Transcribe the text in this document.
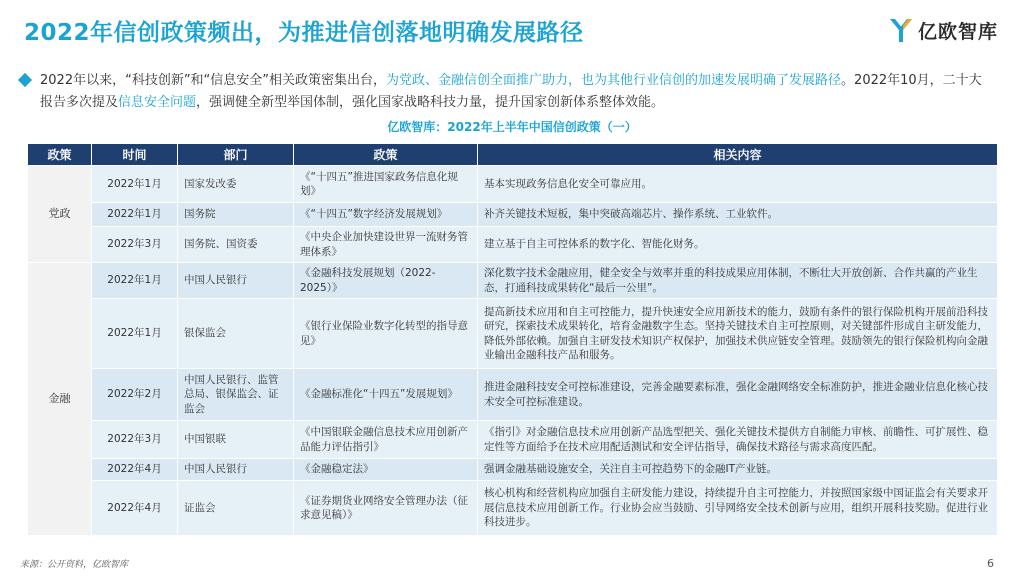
2022年信创政策频出，为推进信创落地明确发展路径	亿欧智库
2022年以来，“科技创新”和“信息安全”相关政策密集出台，为党政、金融信创全面推广助力，也为其他行业信创的加速发展明确了发展路径。2022年10月，二十大报告多次提及信息安全问题，强调健全新型举国体制，强化国家战略科技力量，提升国家创新体系整体效能。
亿欧智库：2022年上半年中国信创政策（一）
政策	时间	部门	政策	相关内容
党政	2022年1月	国家发改委	《“十四五”推进国家政务信息化规划》	基本实现政务信息化安全可靠应用。
	2022年1月	国务院	《“十四五”数字经济发展规划》	补齐关键技术短板，集中突破高端芯片、操作系统、工业软件。
	2022年3月	国务院、国资委	《中央企业加快建设世界一流财务管理体系》	建立基于自主可控体系的数字化、智能化财务。
金融	2022年1月	中国人民银行	《金融科技发展规划（2022-2025）》	深化数字技术金融应用，健全安全与效率并重的科技成果应用体制，不断壮大开放创新、合作共赢的产业生态，打通科技成果转化“最后一公里”。
	2022年1月	银保监会	《银行业保险业数字化转型的指导意见》	提高新技术应用和自主可控能力，提升快速安全应用新技术的能力，鼓励有条件的银行保险机构开展前沿科技研究，探索技术成果转化，培育金融数字生态。坚持关键技术自主可控原则，对关键部件形成自主研发能力，降低外部依赖。加强自主研发技术知识产权保护，加强技术供应链安全管理。鼓励领先的银行保险机构向金融业输出金融科技产品和服务。
	2022年2月	中国人民银行、监管总局、银保监会、证监会	《金融标准化“十四五”发展规划》	推进金融科技安全可控标准建设，完善金融要素标准，强化金融网络安全标准防护，推进金融业信息化核心技术安全可控标准建设。
	2022年3月	中国银联	《中国银联金融信息技术应用创新产品能力评估指引》	《指引》对金融信息技术应用创新产品选型把关、强化关键技术提供方自制能力审核、前瞻性、可扩展性、稳定性等方面给予在技术应用配适测试和安全评估指导，确保技术路径与需求高度匹配。
	2022年4月	中国人民银行	《金融稳定法》	强调金融基础设施安全，关注自主可控趋势下的金融IT产业链。
	2022年4月	证监会	《证券期货业网络安全管理办法（征求意见稿）》	核心机构和经营机构应加强自主研发能力建设，持续提升自主可控能力，并按照国家级中国证监会有关要求开展信息技术应用创新工作。行业协会应当鼓励、引导网络安全技术创新与应用，组织开展科技奖励。促进行业科技进步。
来源：公开资料，亿欧智库	6
